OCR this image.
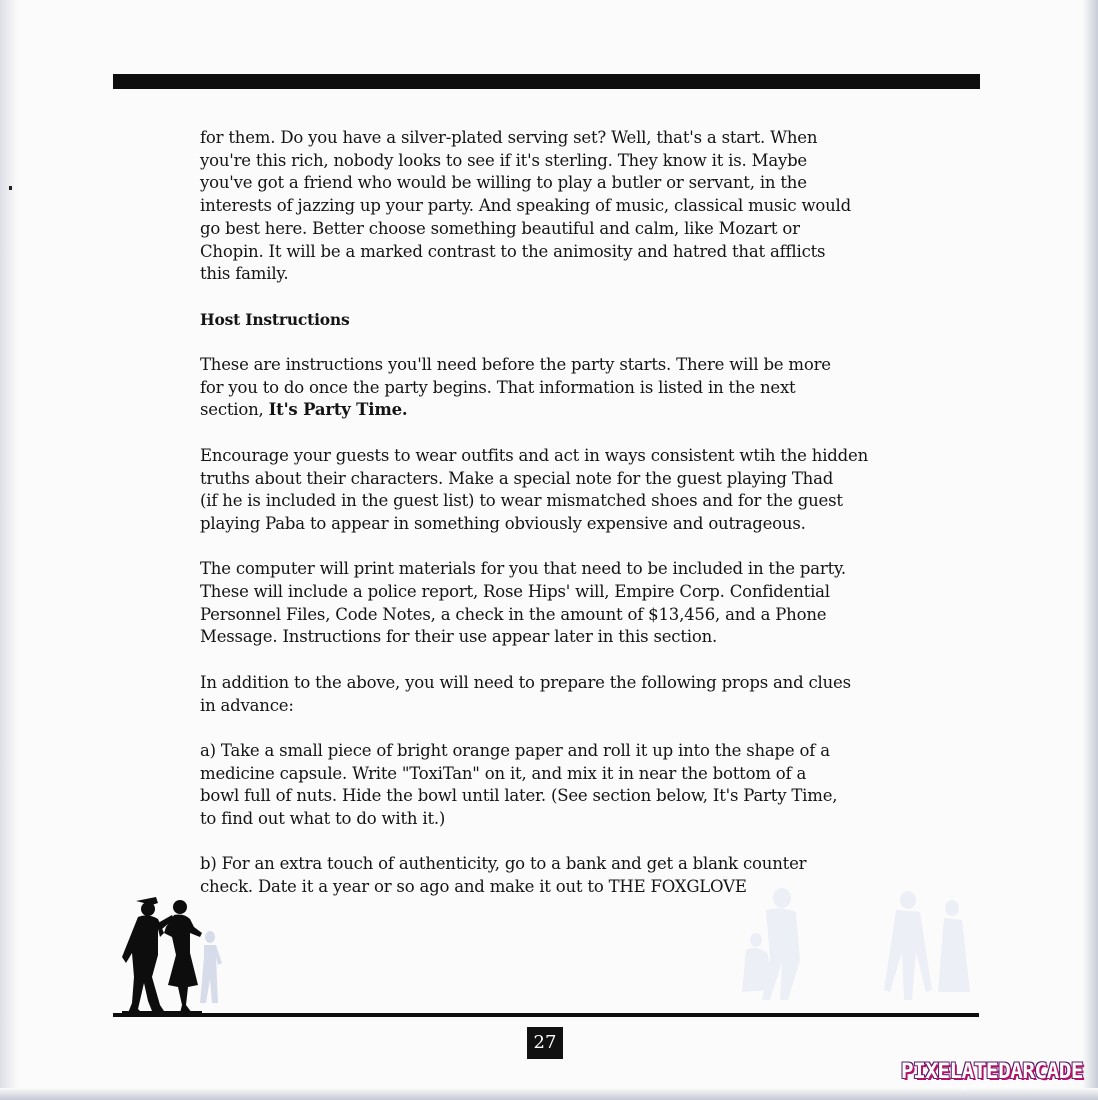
for them. Do you have a silver-plated serving set? Well, that's a start. When
you're this rich, nobody looks to see if it's sterling. They know it is. Maybe
you've got a friend who would be willing to play a butler or servant, in the
interests of jazzing up your party. And speaking of music, classical music would
go best here. Better choose something beautiful and calm, like Mozart or
Chopin. It will be a marked contrast to the animosity and hatred that afflicts
this family.

Host Instructions

These are instructions you'll need before the party starts. There will be more
for you to do once the party begins. That information is listed in the next
section, It's Party Time.

Encourage your guests to wear outfits and act in ways consistent wtih the hidden
truths about their characters. Make a special note for the guest playing Thad
(if he is included in the guest list) to wear mismatched shoes and for the guest
playing Paba to appear in something obviously expensive and outrageous.

The computer will print materials for you that need to be included in the party.
These will include a police report, Rose Hips' will, Empire Corp. Confidential
Personnel Files, Code Notes, a check in the amount of $13,456, and a Phone
Message. Instructions for their use appear later in this section.

In addition to the above, you will need to prepare the following props and clues
in advance:

a) Take a small piece of bright orange paper and roll it up into the shape of a
medicine capsule. Write "ToxiTan" on it, and mix it in near the bottom of a
bowl full of nuts. Hide the bowl until later. (See section below, It's Party Time,
to find out what to do with it.)

b) For an extra touch of authenticity, go to a bank and get a blank counter
check. Date it a year or so ago and make it out to THE FOXGLOVE

27
PIXELATEDARCADE
www.pixelatedarcade.com
